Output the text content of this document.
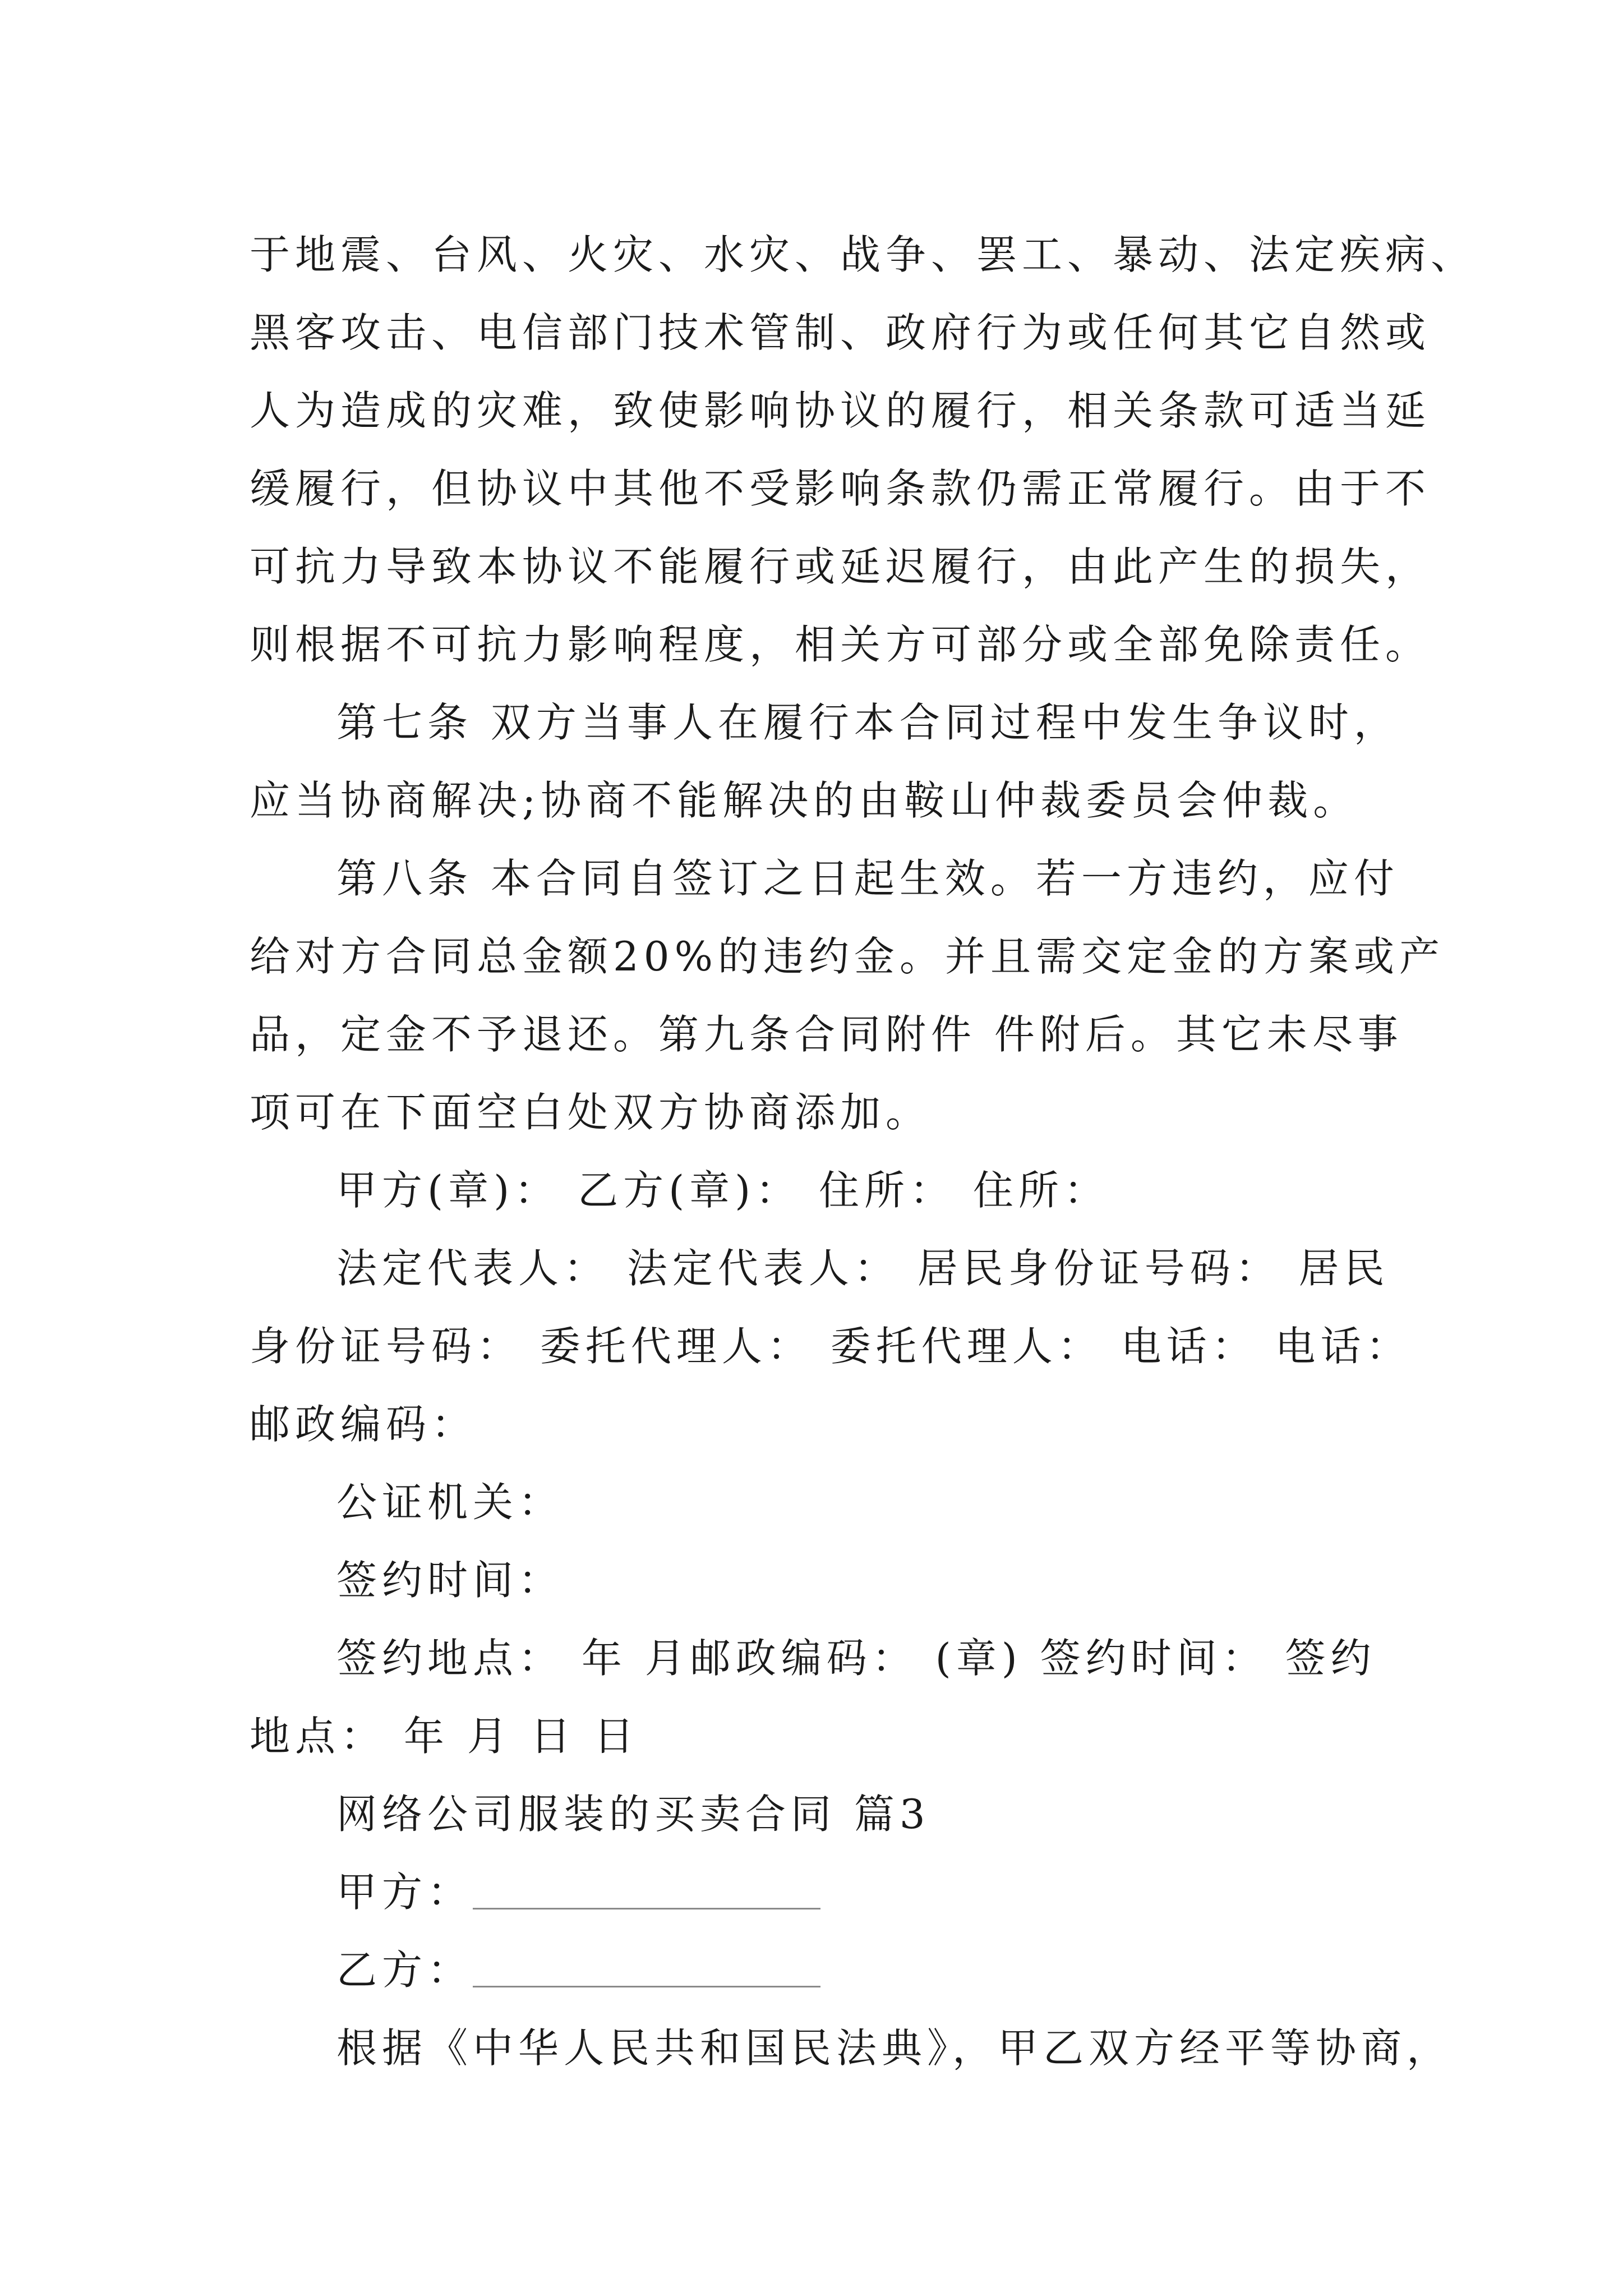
于地震、台风、火灾、水灾、战争、罢工、暴动、法定疾病、
黑客攻击、电信部门技术管制、政府行为或任何其它自然或
人为造成的灾难，致使影响协议的履行，相关条款可适当延
缓履行，但协议中其他不受影响条款仍需正常履行。由于不
可抗力导致本协议不能履行或延迟履行，由此产生的损失，
则根据不可抗力影响程度，相关方可部分或全部免除责任。

第七条 双方当事人在履行本合同过程中发生争议时，
应当协商解决;协商不能解决的由鞍山仲裁委员会仲裁。

第八条 本合同自签订之日起生效。若一方违约，应付
给对方合同总金额20%的违约金。并且需交定金的方案或产
品，定金不予退还。第九条合同附件 件附后。其它未尽事
项可在下面空白处双方协商添加。

甲方(章)： 乙方(章)： 住所： 住所：

法定代表人： 法定代表人： 居民身份证号码： 居民
身份证号码： 委托代理人： 委托代理人： 电话： 电话：
邮政编码：

公证机关：

签约时间：

签约地点： 年 月邮政编码： (章) 签约时间： 签约
地点： 年 月 日 日

网络公司服装的买卖合同 篇3

甲方：

乙方：

根据《中华人民共和国民法典》，甲乙双方经平等协商，
